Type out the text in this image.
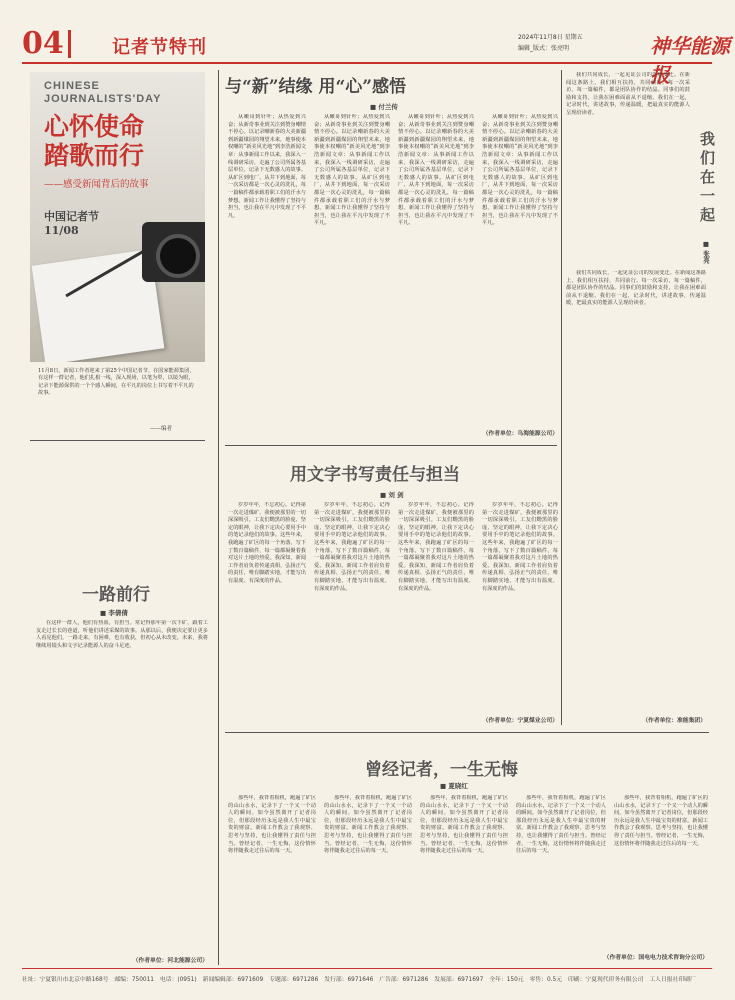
04	记者节特刊	2024年11月8日 星期五
编辑_版式：张亮明	神华能源报
CHINESE JOURNALISTS'DAY
心怀使命 踏歌而行
——感受新闻背后的故事
中国记者节 11/08
11月8日，新闻工作者迎来了第25个中国记者节。在国家能源集团，有这样一群记者，他们扎根一线，深入现场，以笔为犁，以镜为眼，记录下能源保供的一个个感人瞬间，在平凡的岗位上书写着不平凡的故事。
——编者
与“新”结缘 用“心”感悟
■ 付兰传
从嫩哥到针叶；从热爱到兴奋；从新奇事业到关注到赞身嘲情不停心。以记录嘲新春的大美新疆到新疆煤园的翔望未来，地事使本权嘲的“新美风光地”到李浩新闻文章：从事新闻工作以来，我深入一线调研采访，走遍了公司所属各基层单位，记录下无数感人的故事。从矿区到电厂，从井下到地面，每一次采访都是一次心灵的洗礼，每一篇稿件都承载着职工们的汗水与梦想。新闻工作让我懂得了坚持与担当，也让我在平凡中发现了不平凡。
从嫩哥到针叶；从热爱到兴奋；从新奇事业到关注到赞身嘲情不停心。以记录嘲新春的大美新疆到新疆煤园的翔望未来，地事使本权嘲的“新美风光地”到李浩新闻文章：从事新闻工作以来，我深入一线调研采访，走遍了公司所属各基层单位，记录下无数感人的故事。从矿区到电厂，从井下到地面，每一次采访都是一次心灵的洗礼，每一篇稿件都承载着职工们的汗水与梦想。新闻工作让我懂得了坚持与担当，也让我在平凡中发现了不平凡。
从嫩哥到针叶；从热爱到兴奋；从新奇事业到关注到赞身嘲情不停心。以记录嘲新春的大美新疆到新疆煤园的翔望未来，地事使本权嘲的“新美风光地”到李浩新闻文章：从事新闻工作以来，我深入一线调研采访，走遍了公司所属各基层单位，记录下无数感人的故事。从矿区到电厂，从井下到地面，每一次采访都是一次心灵的洗礼，每一篇稿件都承载着职工们的汗水与梦想。新闻工作让我懂得了坚持与担当，也让我在平凡中发现了不平凡。
从嫩哥到针叶；从热爱到兴奋；从新奇事业到关注到赞身嘲情不停心。以记录嘲新春的大美新疆到新疆煤园的翔望未来，地事使本权嘲的“新美风光地”到李浩新闻文章：从事新闻工作以来，我深入一线调研采访，走遍了公司所属各基层单位，记录下无数感人的故事。从矿区到电厂，从井下到地面，每一次采访都是一次心灵的洗礼，每一篇稿件都承载着职工们的汗水与梦想。新闻工作让我懂得了坚持与担当，也让我在平凡中发现了不平凡。
（作者单位：乌海能源公司）
我们在一起
■ 张亮
我们共同成长，一起见证公司的发展变迁。在新闻这条路上，我们相互扶持，共同前行。每一次采访，每一篇稿件，都是团队协作的结晶。同事们的鼓励和支持，让我在困难面前从不退缩。我们在一起，记录时代，讲述故事，传递温暖，把最真实的能源人呈现给读者。
我们共同成长，一起见证公司的发展变迁。在新闻这条路上，我们相互扶持，共同前行。每一次采访，每一篇稿件，都是团队协作的结晶。同事们的鼓励和支持，让我在困难面前从不退缩。我们在一起，记录时代，讲述故事，传递温暖，把最真实的能源人呈现给读者。
（作者单位：准能集团）
用文字书写责任与担当
■ 刘 剑
岁岁年年，不忘初心。记得第一次走进煤矿，我便被那里的一切深深吸引。工友们黝黑的脸庞、坚定的眼神，让我下定决心要用手中的笔记录他们的故事。这些年来，我跑遍了矿区的每一个角落，写下了数百篇稿件，每一篇都凝聚着我对这片土地的热爱。我深知，新闻工作者肩负着传递真相、弘扬正气的责任，唯有脚踏实地，才能写出有温度、有深度的作品。
岁岁年年，不忘初心。记得第一次走进煤矿，我便被那里的一切深深吸引。工友们黝黑的脸庞、坚定的眼神，让我下定决心要用手中的笔记录他们的故事。这些年来，我跑遍了矿区的每一个角落，写下了数百篇稿件，每一篇都凝聚着我对这片土地的热爱。我深知，新闻工作者肩负着传递真相、弘扬正气的责任，唯有脚踏实地，才能写出有温度、有深度的作品。
岁岁年年，不忘初心。记得第一次走进煤矿，我便被那里的一切深深吸引。工友们黝黑的脸庞、坚定的眼神，让我下定决心要用手中的笔记录他们的故事。这些年来，我跑遍了矿区的每一个角落，写下了数百篇稿件，每一篇都凝聚着我对这片土地的热爱。我深知，新闻工作者肩负着传递真相、弘扬正气的责任，唯有脚踏实地，才能写出有温度、有深度的作品。
岁岁年年，不忘初心。记得第一次走进煤矿，我便被那里的一切深深吸引。工友们黝黑的脸庞、坚定的眼神，让我下定决心要用手中的笔记录他们的故事。这些年来，我跑遍了矿区的每一个角落，写下了数百篇稿件，每一篇都凝聚着我对这片土地的热爱。我深知，新闻工作者肩负着传递真相、弘扬正气的责任，唯有脚踏实地，才能写出有温度、有深度的作品。
（作者单位：宁夏煤业公司）
一路前行
■ 李倩倩
在这样一群人，他们有热血，有担当。常记得那年第一次下矿，跟着工友走过长长的巷道，听他们讲述采煤的故事。从那以后，我便决定要让更多人看见他们。一路走来，有困难，也有收获，但初心从未改变。未来，我将继续用镜头和文字记录能源人的奋斗足迹。
（作者单位：河北能源公司）
曾经记者，一生无悔
■ 夏晓红
那些年，我背着相机，跑遍了矿区的山山水水，记录下了一个又一个动人的瞬间。如今虽然离开了记者岗位，但那段经历永远是我人生中最宝贵的财富。新闻工作教会了我观察、思考与坚持，也让我懂得了责任与担当。曾经记者，一生无悔，这份情怀将伴随我走过往后的每一天。
那些年，我背着相机，跑遍了矿区的山山水水，记录下了一个又一个动人的瞬间。如今虽然离开了记者岗位，但那段经历永远是我人生中最宝贵的财富。新闻工作教会了我观察、思考与坚持，也让我懂得了责任与担当。曾经记者，一生无悔，这份情怀将伴随我走过往后的每一天。
那些年，我背着相机，跑遍了矿区的山山水水，记录下了一个又一个动人的瞬间。如今虽然离开了记者岗位，但那段经历永远是我人生中最宝贵的财富。新闻工作教会了我观察、思考与坚持，也让我懂得了责任与担当。曾经记者，一生无悔，这份情怀将伴随我走过往后的每一天。
那些年，我背着相机，跑遍了矿区的山山水水，记录下了一个又一个动人的瞬间。如今虽然离开了记者岗位，但那段经历永远是我人生中最宝贵的财富。新闻工作教会了我观察、思考与坚持，也让我懂得了责任与担当。曾经记者，一生无悔，这份情怀将伴随我走过往后的每一天。
那些年，我背着相机，跑遍了矿区的山山水水，记录下了一个又一个动人的瞬间。如今虽然离开了记者岗位，但那段经历永远是我人生中最宝贵的财富。新闻工作教会了我观察、思考与坚持，也让我懂得了责任与担当。曾经记者，一生无悔，这份情怀将伴随我走过往后的每一天。
（作者单位：国电电力技术咨询分公司）
社址：宁夏银川市北京中路168号 邮编：750011 电话：(0951) 新闻编辑部：6971609 专题部：6971286 发行部：6971646 广告部：6971286 发展部：6971697 全年：150元 零售：0.5元 印刷：宁夏现代印务有限公司 工人日报社印刷厂
